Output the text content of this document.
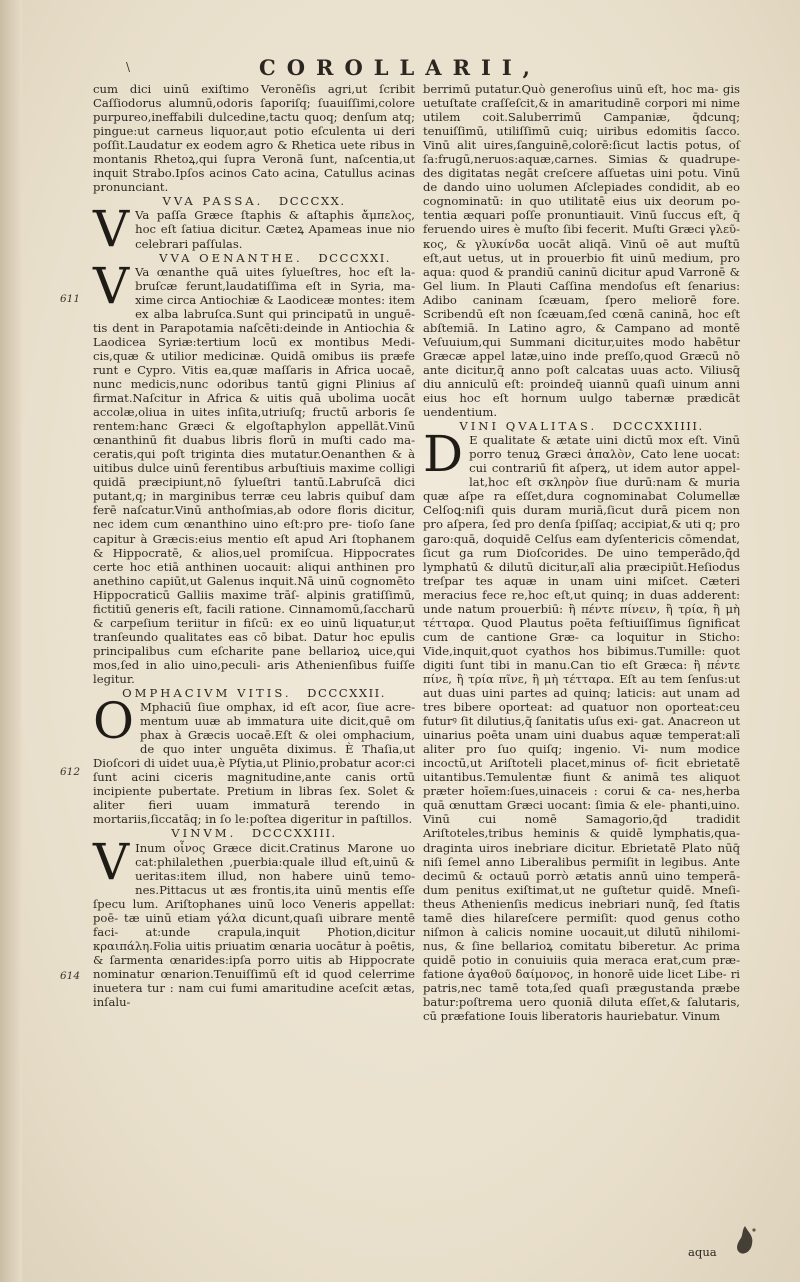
\	COROLLARII,
611
612
614

cum dici uinū exiſtimo Veronēſis agri,ut ſcribit Caſſiodorus alumnū,odoris ſaporiſq; ſuauiſſimi,colore purpureo,ineffabili dulcedine,tactu quoq; denſum atq; pingue:ut carneus liquor,aut potio eſculenta ui deri poſſit.Laudatur ex eodem agro & Rhetica uete ribus in montanis Rhetoꝝ,qui ſupra Veronā ſunt, naſcentia,ut inquit Strabo.Ipſos acinos Cato acina, Catullus acinas pronunciant.

VVA PASSA. DCCCXX.

V Va paſſa Græce ſtaphis & aſtaphis ἄμπελος, hoc eſt ſatiua dicitur. Cæteꝝ Apameas inue nio celebrari paſſulas.

VVA OENANTHE. DCCCXXI.

V Va œnanthe quā uites ſylueſtres, hoc eſt la- bruſcæ ferunt,laudatiſſima eſt in Syria, ma- xime circa Antiochiæ & Laodiceæ montes: item ex alba labruſca.Sunt qui principatū in unguē- tis dent in Parapotamia naſcēti:deinde in Antiochia & Laodicea Syriæ:tertium locū ex montibus Medi- cis,quæ & utilior medicinæ. Quidā omibus iis præfe runt e Cypro. Vitis ea,quæ maſſaris in Africa uocaē, nunc medicis,nunc odoribus tantū gigni Plinius aſ firmat.Naſcitur in Africa & uitis quā ubolima uocāt accolæ,oliua in uites inſita,utriuſq; fructū arboris ſe rentem:hanc Græci & elgoſtaphylon appellāt.Vinū œnanthinū fit duabus libris florū in muſti cado ma- ceratis,qui poſt triginta dies mutatur.Oenanthen & à uitibus dulce uinū ferentibus arbuſtiuis maxime colligi quidā præcipiunt,nō ſylueſtri tantū.Labruſcā dici putant,q; in marginibus terræ ceu labris quibuſ dam ferē naſcatur.Vinū anthoſmias,ab odore floris dicitur, nec idem cum œnanthino uino eſt:pro pre- tioſo ſane capitur à Græcis:eius mentio eſt apud Ari ſtophanem & Hippocratē, & alios,uel promiſcua. Hippocrates certe hoc etiā anthinen uocauit: aliqui anthinen pro anethino capiūt,ut Galenus inquit.Nā uinū cognomēto Hippocraticū Galliis maxime trāſ- alpinis gratiſſimū, fictitiū generis eſt, facili ratione. Cinnamomū,ſaccharū & carpeſium teriitur in fiſcū: ex eo uinū liquatur,ut tranſeundo qualitates eas cō bibat. Datur hoc epulis principalibus cum eſcharite pane bellarioꝝ uice,qui mos,ſed in alio uino,peculi- aris Athenienſibus fuiſſe legitur.

OMPHACIVM VITIS. DCCCXXII.

O Mphaciū ſiue omphax, id eſt acor, ſiue acre- mentum uuæ ab immatura uite dicit,quē om phax à Græcis uocaē.Eſt & olei omphacium, de quo inter unguēta diximus. È Thaſia,ut Dioſcori di uidet uua,è Pſytia,ut Plinio,probatur acor:ci ſunt acini ciceris magnitudine,ante canis ortū incipiente pubertate. Pretium in libras ſex. Solet & aliter fieri uuam immaturā terendo in mortariis,ſiccatāq; in ſo le:poſtea digeritur in paſtillos.

VINVM. DCCCXXIII.

V Inum οἶνος Græce dicit.Cratinus Marone uo cat:philalethen ,puerbia:quale illud eſt,uinū & ueritas:item illud, non habere uinū temo- nes.Pittacus ut æs frontis,ita uinū mentis eſſe ſpecu lum. Ariſtophanes uinū loco Veneris appellat: poē- tæ uinū etiam γάλα dicunt,quaſi uibrare mentē faci- at:unde crapula,inquit Photion,dicitur κραιπάλη.Folia uitis priuatim œnaria uocātur à poētis, & ſarmenta œnarides:ipſa porro uitis ab Hippocrate nominatur œnarion.Tenuiſſimū eſt id quod celerrime inuetera tur : nam cui fumi amaritudine aceſcit ætas, inſalu-

berrimū putatur.Quò generoſius uinū eſt, hoc ma- gis uetuſtate craſſeſcit,& in amaritudinē corpori mi nime utilem coit.Saluberrimū Campaniæ, q̄dcunq; tenuiſſimū, utiliſſimū cuiq; uiribus edomitis ſacco. Vinū alit uires,ſanguinē,colorē:ſicut lactis potus, oſ ſa:frugū,neruos:aquæ,carnes. Simias & quadrupe- des digitatas negāt creſcere aſſuetas uini potu. Vinū de dando uino uolumen Aſclepiades condidit, ab eo cognominatū: in quo utilitatē eius uix deorum po- tentia æquari poſſe pronuntiauit. Vinū ſuccus eſt, q̄ feruendo uires è muſto ſibi fecerit. Muſti Græci γλεῦ- κος, & γλυκίνδα uocāt aliqā. Vinū oē aut muſtū eſt,aut uetus, ut in prouerbio fit uinū medium, pro aqua: quod & prandiū caninū dicitur apud Varronē & Gel lium. In Plauti Caſſina mendoſus eſt ſenarius: Adibo caninam ſcæuam, ſpero meliorē fore. Scribendū eſt non ſcæuam,ſed cœnā caninā, hoc eſt abſtemiā. In Latino agro, & Campano ad montē Veſuuium,qui Summani dicitur,uites modo habētur Græcæ appel latæ,uino inde preſſo,quod Græcū nō ante dicitur,q̄ anno poſt calcatas uuas acto. Viliusq̄ diu anniculū eſt: proindeq̄ uiannū quaſi uinum anni eius hoc eſt hornum uulgo tabernæ prædicāt uendentium.

VINI QVALITAS. DCCCXXIIII.

D E qualitate & ætate uini dictū mox eſt. Vinū porro tenuꝝ Græci ἀπαλὸν, Cato lene uocat: cui contrariū fit aſperꝝ, ut idem autor appel- lat,hoc eſt σκληρὸν ſiue durū:nam & muria quæ aſpe ra eſſet,dura cognominabat Columellæ Celſoꝗ:niſi quis duram muriā,ſicut durā picem non pro aſpera, ſed pro denſa ſpiſſaq; accipiat,& uti q; pro garo:quā, doquidē Celſus eam dyſentericis cōmendat, ſicut ga rum Dioſcorides. De uino temperādo,q̄d lymphatū & dilutū dicitur,alī alia præcipiūt.Heſiodus treſpar tes aquæ in unam uini miſcet. Cæteri meracius fece re,hoc eſt,ut quinq; in duas adderent: unde natum prouerbiū: ἢ πέντε πίνειν, ἢ τρία, ἢ μὴ τέτταρα. Quod Plautus poēta feſtiuiſſimus ſignificat cum de cantione Græ- ca loquitur in Sticho: Vide,inquit,quot cyathos hos bibimus.Tumille: quot digiti ſunt tibi in manu.Can tio eſt Græca: ἢ πέντε πίνε, ἢ τρία πῖνε, ἢ μὴ τέτταρα. Eſt au tem ſenſus:ut aut duas uini partes ad quinq; laticis: aut unam ad tres bibere oporteat: ad quatuor non oporteat:ceu futurꝰ ſit dilutius,q̄ ſanitatis uſus exi- gat. Anacreon ut uinarius poēta unam uini duabus aquæ temperat:alī aliter pro ſuo quiſq; ingenio. Vi- num modice incoctū,ut Ariſtoteli placet,minus of- ficit ebrietatē uitantibus.Temulentæ fiunt & animā tes aliquot præter hoīem:ſues,uinaceis : corui & ca- nes,herba quā œnuttam Græci uocant: ſimia & ele- phanti,uino. Vinū cui nomē Samagorio,q̄d tradidit Ariſtoteles,tribus heminis & quidē lymphatis,qua- draginta uiros inebriare dicitur. Ebrietatē Plato nūq̄ niſi ſemel anno Liberalibus permiſit in legibus. Ante decimū & octauū porrò ætatis annū uino temperā- dum penitus exiſtimat,ut ne guſtetur quidē. Mneſi- theus Athenienſis medicus inebriari nunq̄, ſed ſtatis tamē dies hilareſcere permiſit: quod genus cotho niſmon à calicis nomine uocauit,ut dilutū nihilomi- nus, & ſine bellarioꝝ comitatu biberetur. Ac prima quidē potio in conuiuiis quia meraca erat,cum præ- fatione ἀγαθοῦ δαίμονος, in honorē uide licet Libe- ri patris,nec tamē tota,ſed quaſi prægustanda præbe batur:poſtrema uero quoniā diluta eſſet,& ſalutaris, cū præfatione Iouis liberatoris hauriebatur. Vinum

aqua
